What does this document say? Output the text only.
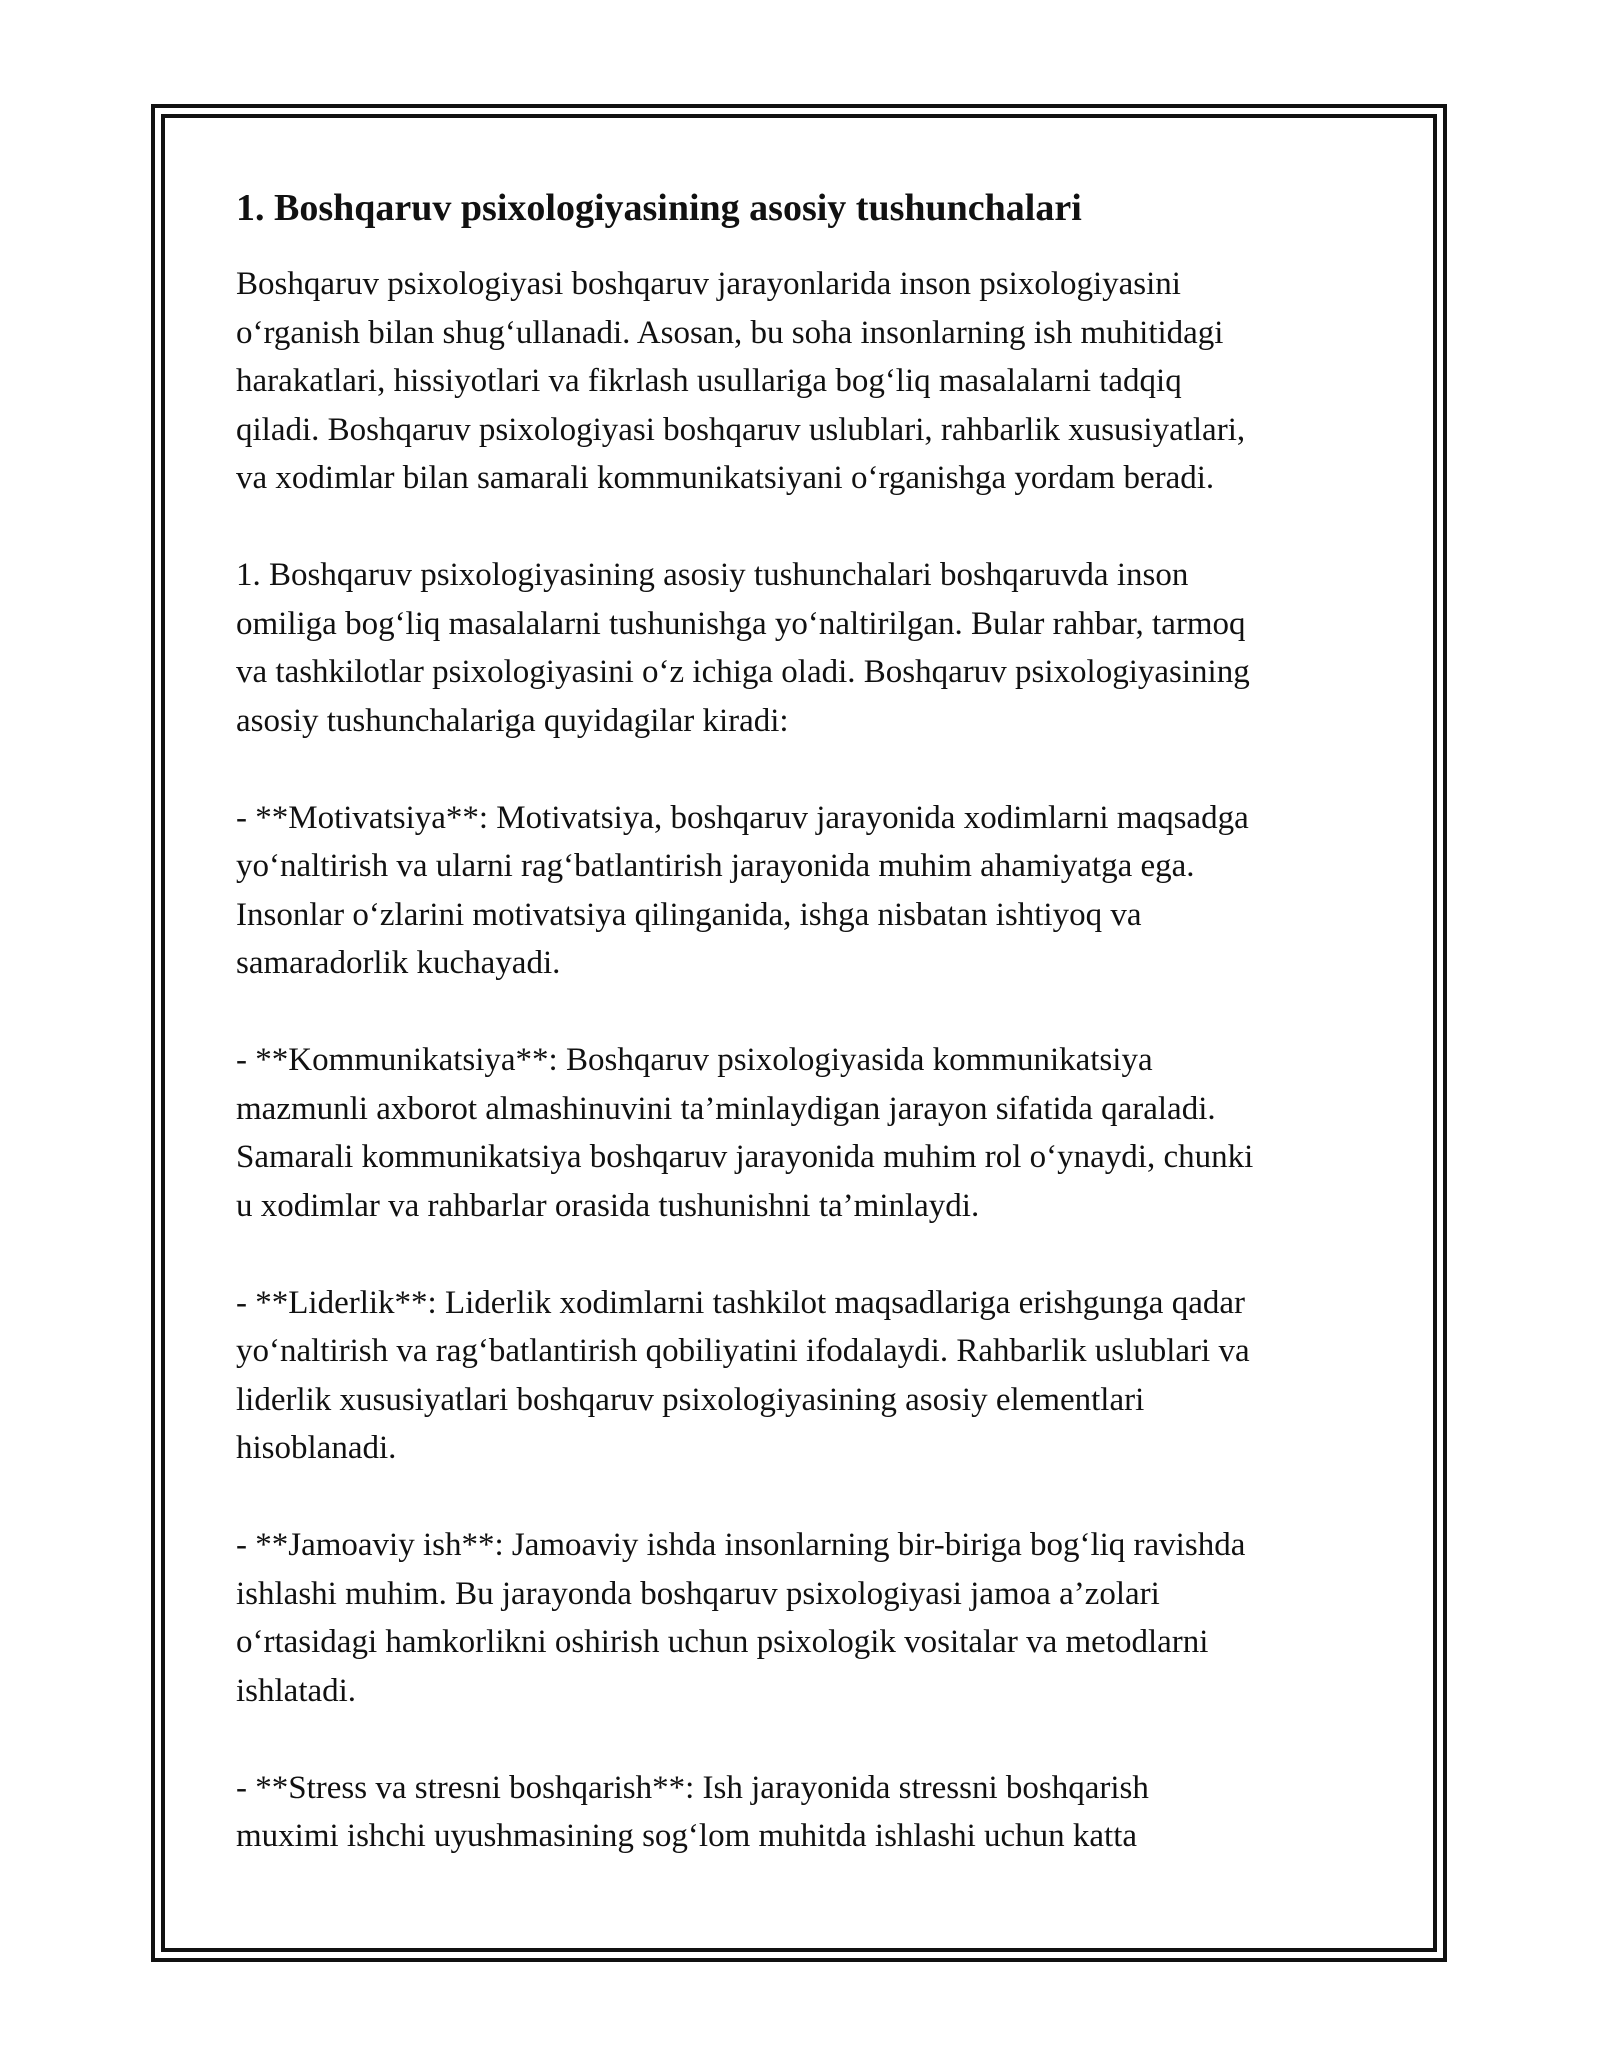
1. Boshqaruv psixologiyasining asosiy tushunchalari
Boshqaruv psixologiyasi boshqaruv jarayonlarida inson psixologiyasini
o‘rganish bilan shug‘ullanadi. Asosan, bu soha insonlarning ish muhitidagi
harakatlari, hissiyotlari va fikrlash usullariga bog‘liq masalalarni tadqiq
qiladi. Boshqaruv psixologiyasi boshqaruv uslublari, rahbarlik xususiyatlari,
va xodimlar bilan samarali kommunikatsiyani o‘rganishga yordam beradi.
1. Boshqaruv psixologiyasining asosiy tushunchalari boshqaruvda inson
omiliga bog‘liq masalalarni tushunishga yo‘naltirilgan. Bular rahbar, tarmoq
va tashkilotlar psixologiyasini o‘z ichiga oladi. Boshqaruv psixologiyasining
asosiy tushunchalariga quyidagilar kiradi:
- **Motivatsiya**: Motivatsiya, boshqaruv jarayonida xodimlarni maqsadga
yo‘naltirish va ularni rag‘batlantirish jarayonida muhim ahamiyatga ega.
Insonlar o‘zlarini motivatsiya qilinganida, ishga nisbatan ishtiyoq va
samaradorlik kuchayadi.
- **Kommunikatsiya**: Boshqaruv psixologiyasida kommunikatsiya
mazmunli axborot almashinuvini ta’minlaydigan jarayon sifatida qaraladi.
Samarali kommunikatsiya boshqaruv jarayonida muhim rol o‘ynaydi, chunki
u xodimlar va rahbarlar orasida tushunishni ta’minlaydi.
- **Liderlik**: Liderlik xodimlarni tashkilot maqsadlariga erishgunga qadar
yo‘naltirish va rag‘batlantirish qobiliyatini ifodalaydi. Rahbarlik uslublari va
liderlik xususiyatlari boshqaruv psixologiyasining asosiy elementlari
hisoblanadi.
- **Jamoaviy ish**: Jamoaviy ishda insonlarning bir-biriga bog‘liq ravishda
ishlashi muhim. Bu jarayonda boshqaruv psixologiyasi jamoa a’zolari
o‘rtasidagi hamkorlikni oshirish uchun psixologik vositalar va metodlarni
ishlatadi.
- **Stress va stresni boshqarish**: Ish jarayonida stressni boshqarish
muximi ishchi uyushmasining sog‘lom muhitda ishlashi uchun katta
